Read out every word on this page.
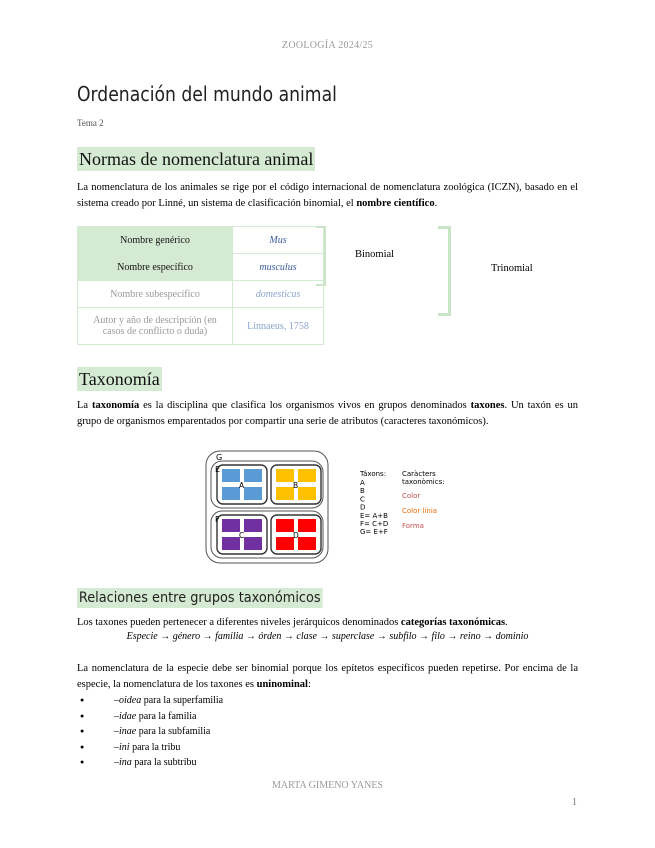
ZOOLOGÍA 2024/25
Ordenación del mundo animal
Tema 2
Normas de nomenclatura animal
La nomenclatura de los animales se rige por el código internacional de nomenclatura zoológica (ICZN), basado en el sistema creado por Linné, un sistema de clasificación binomial, el nombre científico.
Nombre genérico	Mus
Nombre específico	musculus
Nombre subespecífico	domesticus
Autor y año de descripción (en casos de conflicto o duda)	Linnaeus, 1758
Binomial
Trinomial
Taxonomía
La taxonomía es la disciplina que clasifica los organismos vivos en grupos denominados taxones. Un taxón es un grupo de organismos emparentados por compartir una serie de atributos (caracteres taxonómicos).
G
E
F
A	B
C	D
Táxons: Caràcters taxonòmics:
A
B
C
D
E= A+B
F= C+D
G= E+F
Color
Color línia
Forma
Relaciones entre grupos taxonómicos
Los taxones pueden pertenecer a diferentes niveles jerárquicos denominados categorías taxonómicas.
Especie → género → familia → órden → clase → superclase → subfilo → filo → reino → dominio
La nomenclatura de la especie debe ser binomial porque los epítetos específicos pueden repetirse. Por encima de la especie, la nomenclatura de los taxones es uninominal:
● –oidea para la superfamilia
● –idae para la familia
● –inae para la subfamilia
● –ini para la tribu
● –ina para la subtribu
MARTA GIMENO YANES
1
